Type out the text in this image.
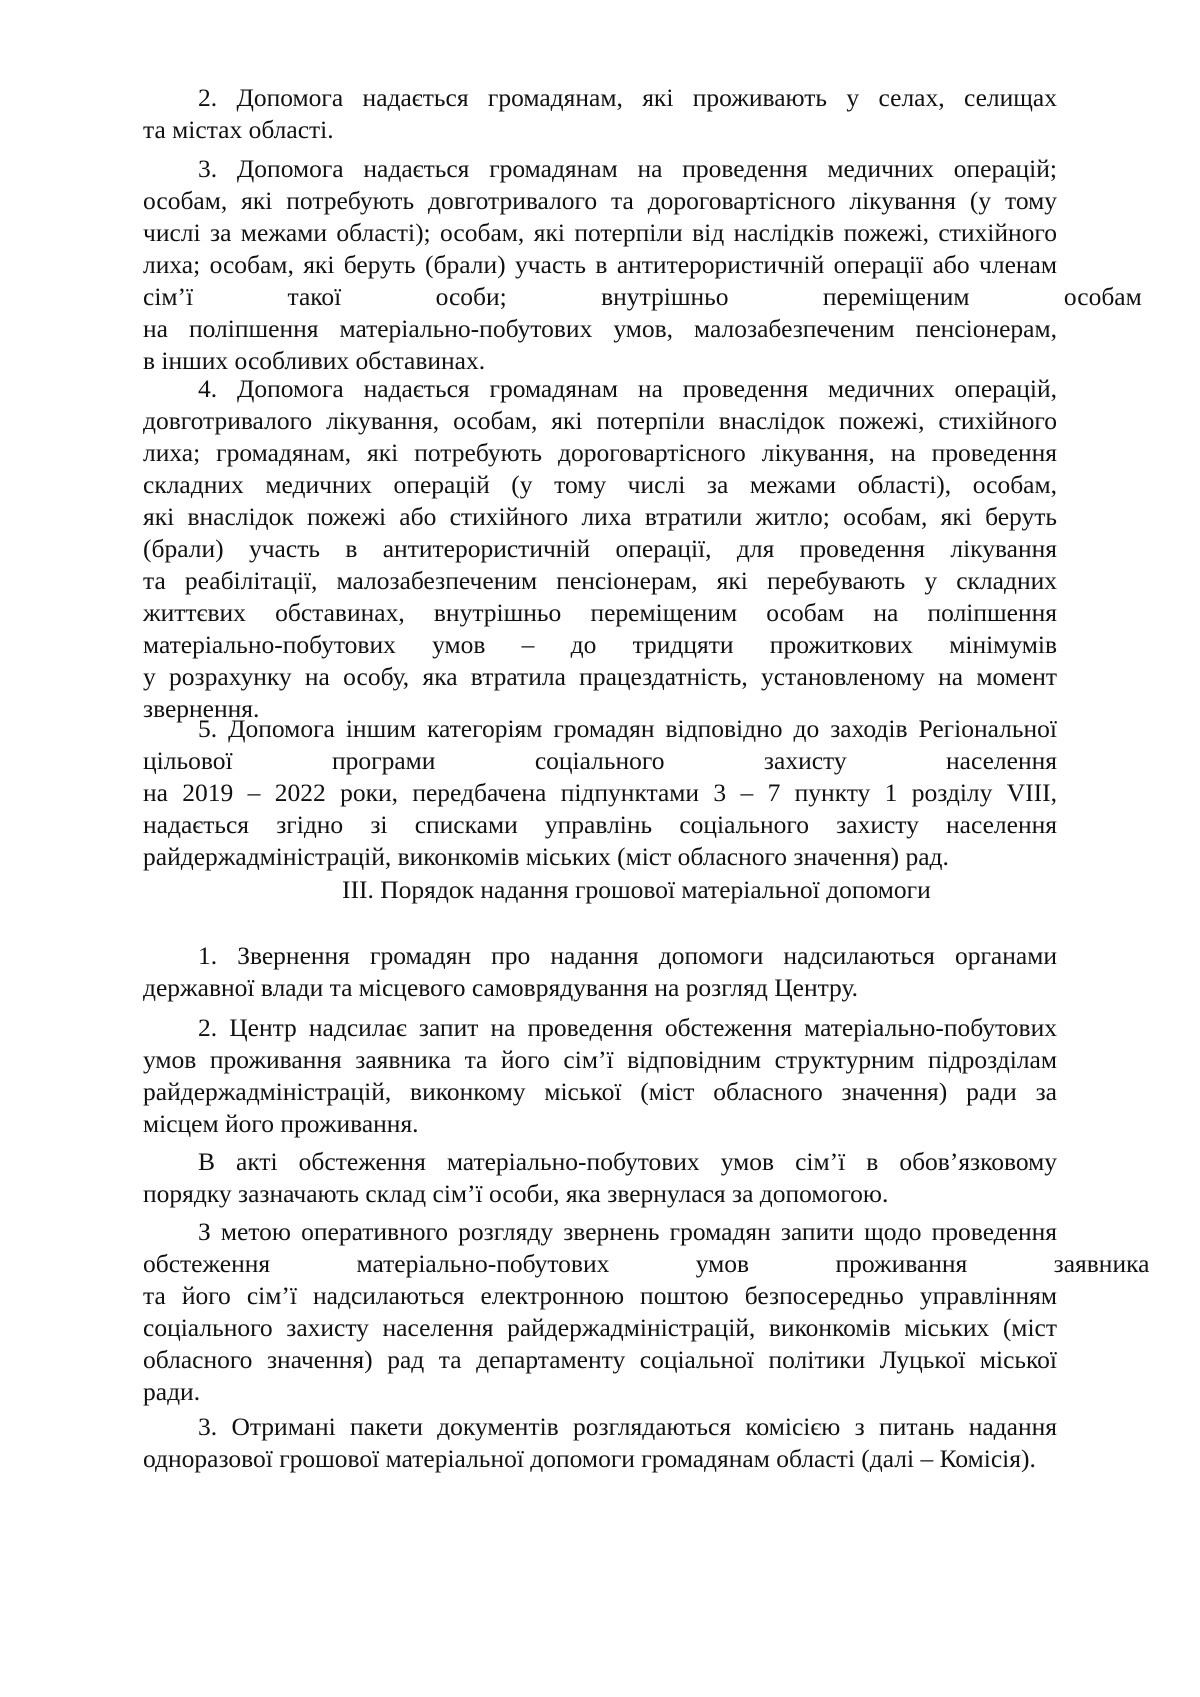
2. Допомога надається громадянам, які проживають у селах, селищах
та містах області.
3. Допомога надається громадянам на проведення медичних операцій;
особам, які потребують довготривалого та дороговартісного лікування (у тому
числі за межами області); особам, які потерпіли від наслідків пожежі, стихійного
лиха; особам, які беруть (брали) участь в антитерористичній операції або членам
сім’ї такої особи; внутрішньо переміщеним особам
на поліпшення матеріально-побутових умов, малозабезпеченим пенсіонерам,
в інших особливих обставинах.
4. Допомога надається громадянам на проведення медичних операцій,
довготривалого лікування, особам, які потерпіли внаслідок пожежі, стихійного
лиха; громадянам, які потребують дороговартісного лікування, на проведення
складних медичних операцій (у тому числі за межами області), особам,
які внаслідок пожежі або стихійного лиха втратили житло; особам, які беруть
(брали) участь в антитерористичній операції, для проведення лікування
та реабілітації, малозабезпеченим пенсіонерам, які перебувають у складних
життєвих обставинах, внутрішньо переміщеним особам на поліпшення
матеріально-побутових умов – до тридцяти прожиткових мінімумів
у розрахунку на особу, яка втратила працездатність, установленому на момент
звернення.
5. Допомога іншим категоріям громадян відповідно до заходів Регіональної
цільової програми соціального захисту населення
на 2019 – 2022 роки, передбачена підпунктами 3 – 7 пункту 1 розділу VIII,
надається згідно зі списками управлінь соціального захисту населення
райдержадміністрацій, виконкомів міських (міст обласного значення) рад.
ІІІ. Порядок надання грошової матеріальної допомоги
1. Звернення громадян про надання допомоги надсилаються органами
державної влади та місцевого самоврядування на розгляд Центру.
2. Центр надсилає запит на проведення обстеження матеріально-побутових
умов проживання заявника та його сім’ї відповідним структурним підрозділам
райдержадміністрацій, виконкому міської (міст обласного значення) ради за
місцем його проживання.
В акті обстеження матеріально-побутових умов сім’ї в обов’язковому
порядку зазначають склад сім’ї особи, яка звернулася за допомогою.
З метою оперативного розгляду звернень громадян запити щодо проведення
обстеження матеріально-побутових умов проживання заявника
та його сім’ї надсилаються електронною поштою безпосередньо управлінням
соціального захисту населення райдержадміністрацій, виконкомів міських (міст
обласного значення) рад та департаменту соціальної політики Луцької міської
ради.
3. Отримані пакети документів розглядаються комісією з питань надання
одноразової грошової матеріальної допомоги громадянам області (далі – Комісія).
